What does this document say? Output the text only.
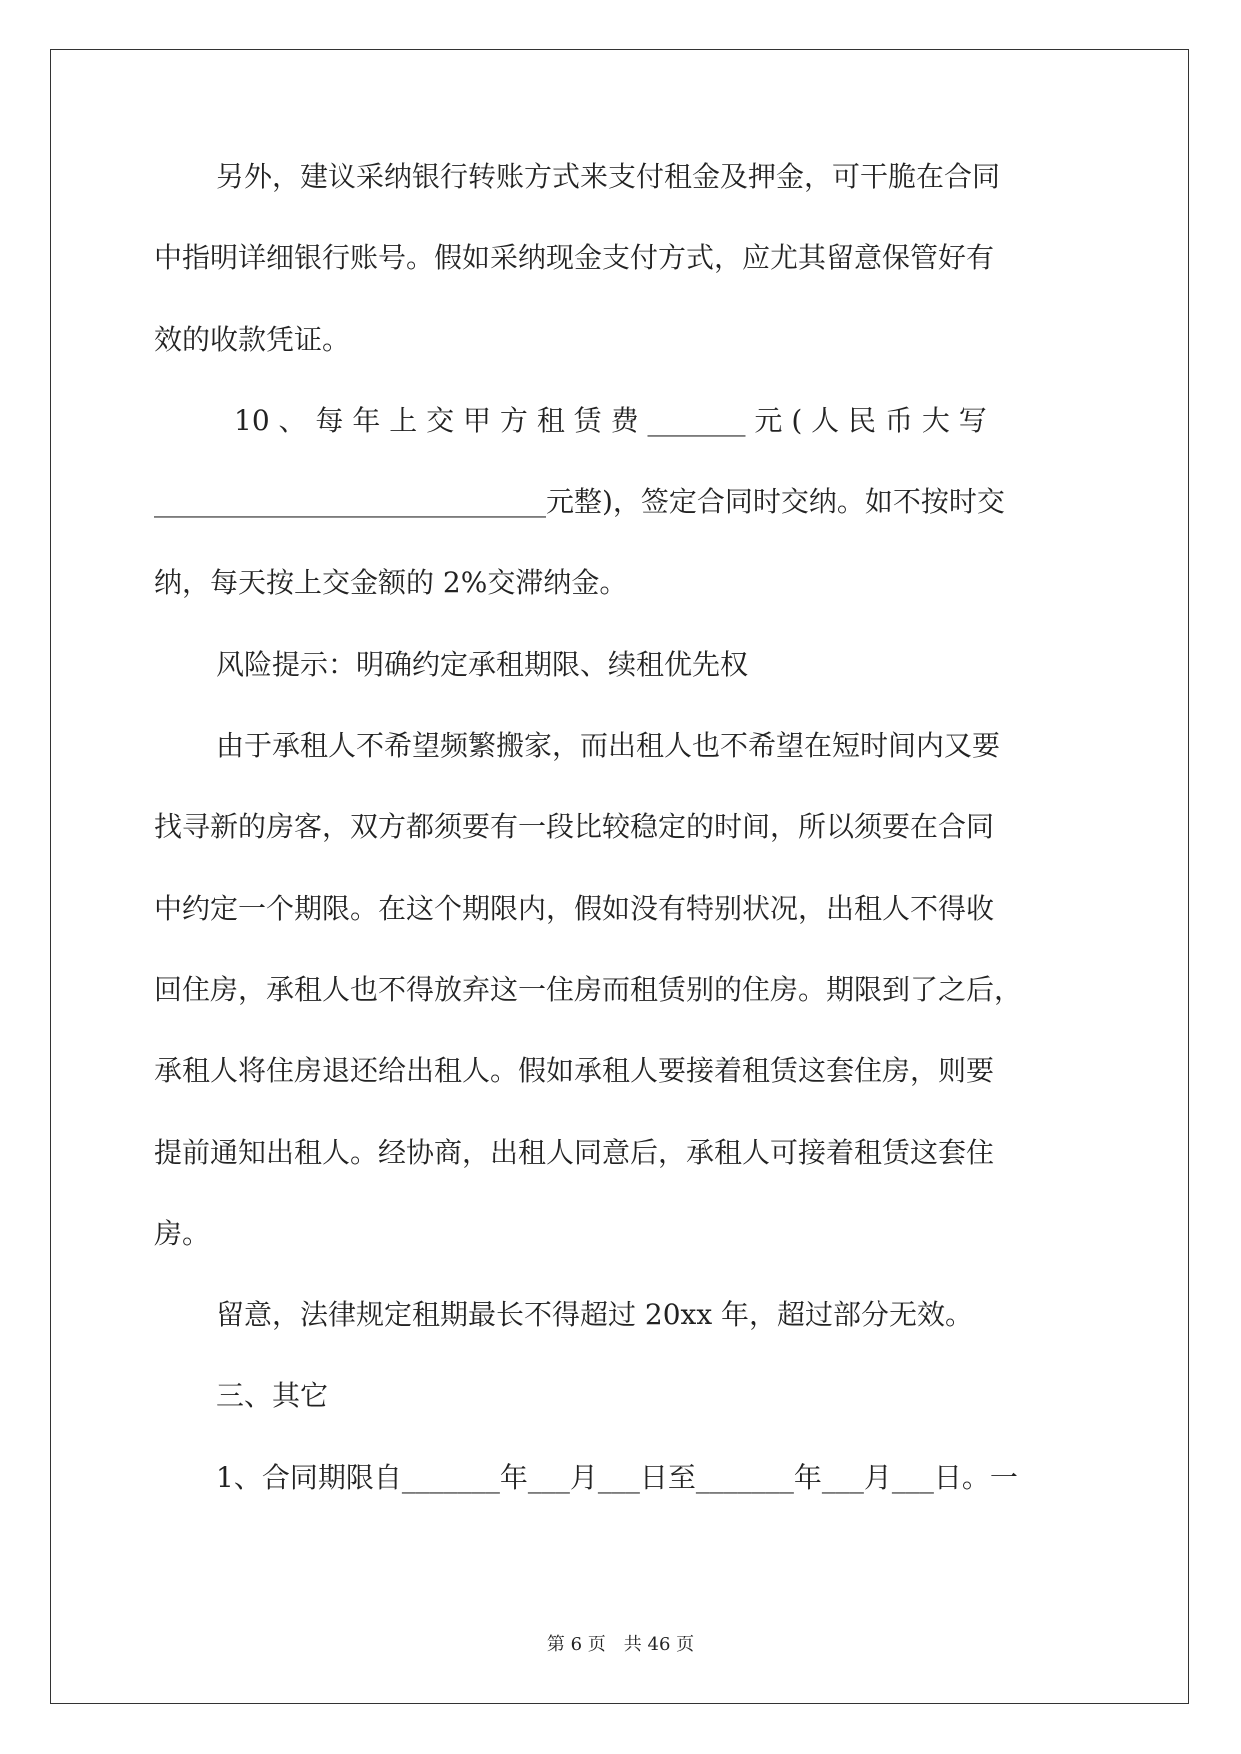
另外，建议采纳银行转账方式来支付租金及押金，可干脆在合同
中指明详细银行账号。假如采纳现金支付方式，应尤其留意保管好有
效的收款凭证。
10 、 每 年 上 交 甲 方 租 赁 费 _______ 元 ( 人 民 币 大 写
____________________________元整)，签定合同时交纳。如不按时交
纳，每天按上交金额的 2%交滞纳金。
风险提示：明确约定承租期限、续租优先权
由于承租人不希望频繁搬家，而出租人也不希望在短时间内又要
找寻新的房客，双方都须要有一段比较稳定的时间，所以须要在合同
中约定一个期限。在这个期限内，假如没有特别状况，出租人不得收
回住房，承租人也不得放弃这一住房而租赁别的住房。期限到了之后，
承租人将住房退还给出租人。假如承租人要接着租赁这套住房，则要
提前通知出租人。经协商，出租人同意后，承租人可接着租赁这套住
房。
留意，法律规定租期最长不得超过 20xx 年，超过部分无效。
三、其它
1、合同期限自_______年___月___日至_______年___月___日。一
第 6 页　共 46 页
